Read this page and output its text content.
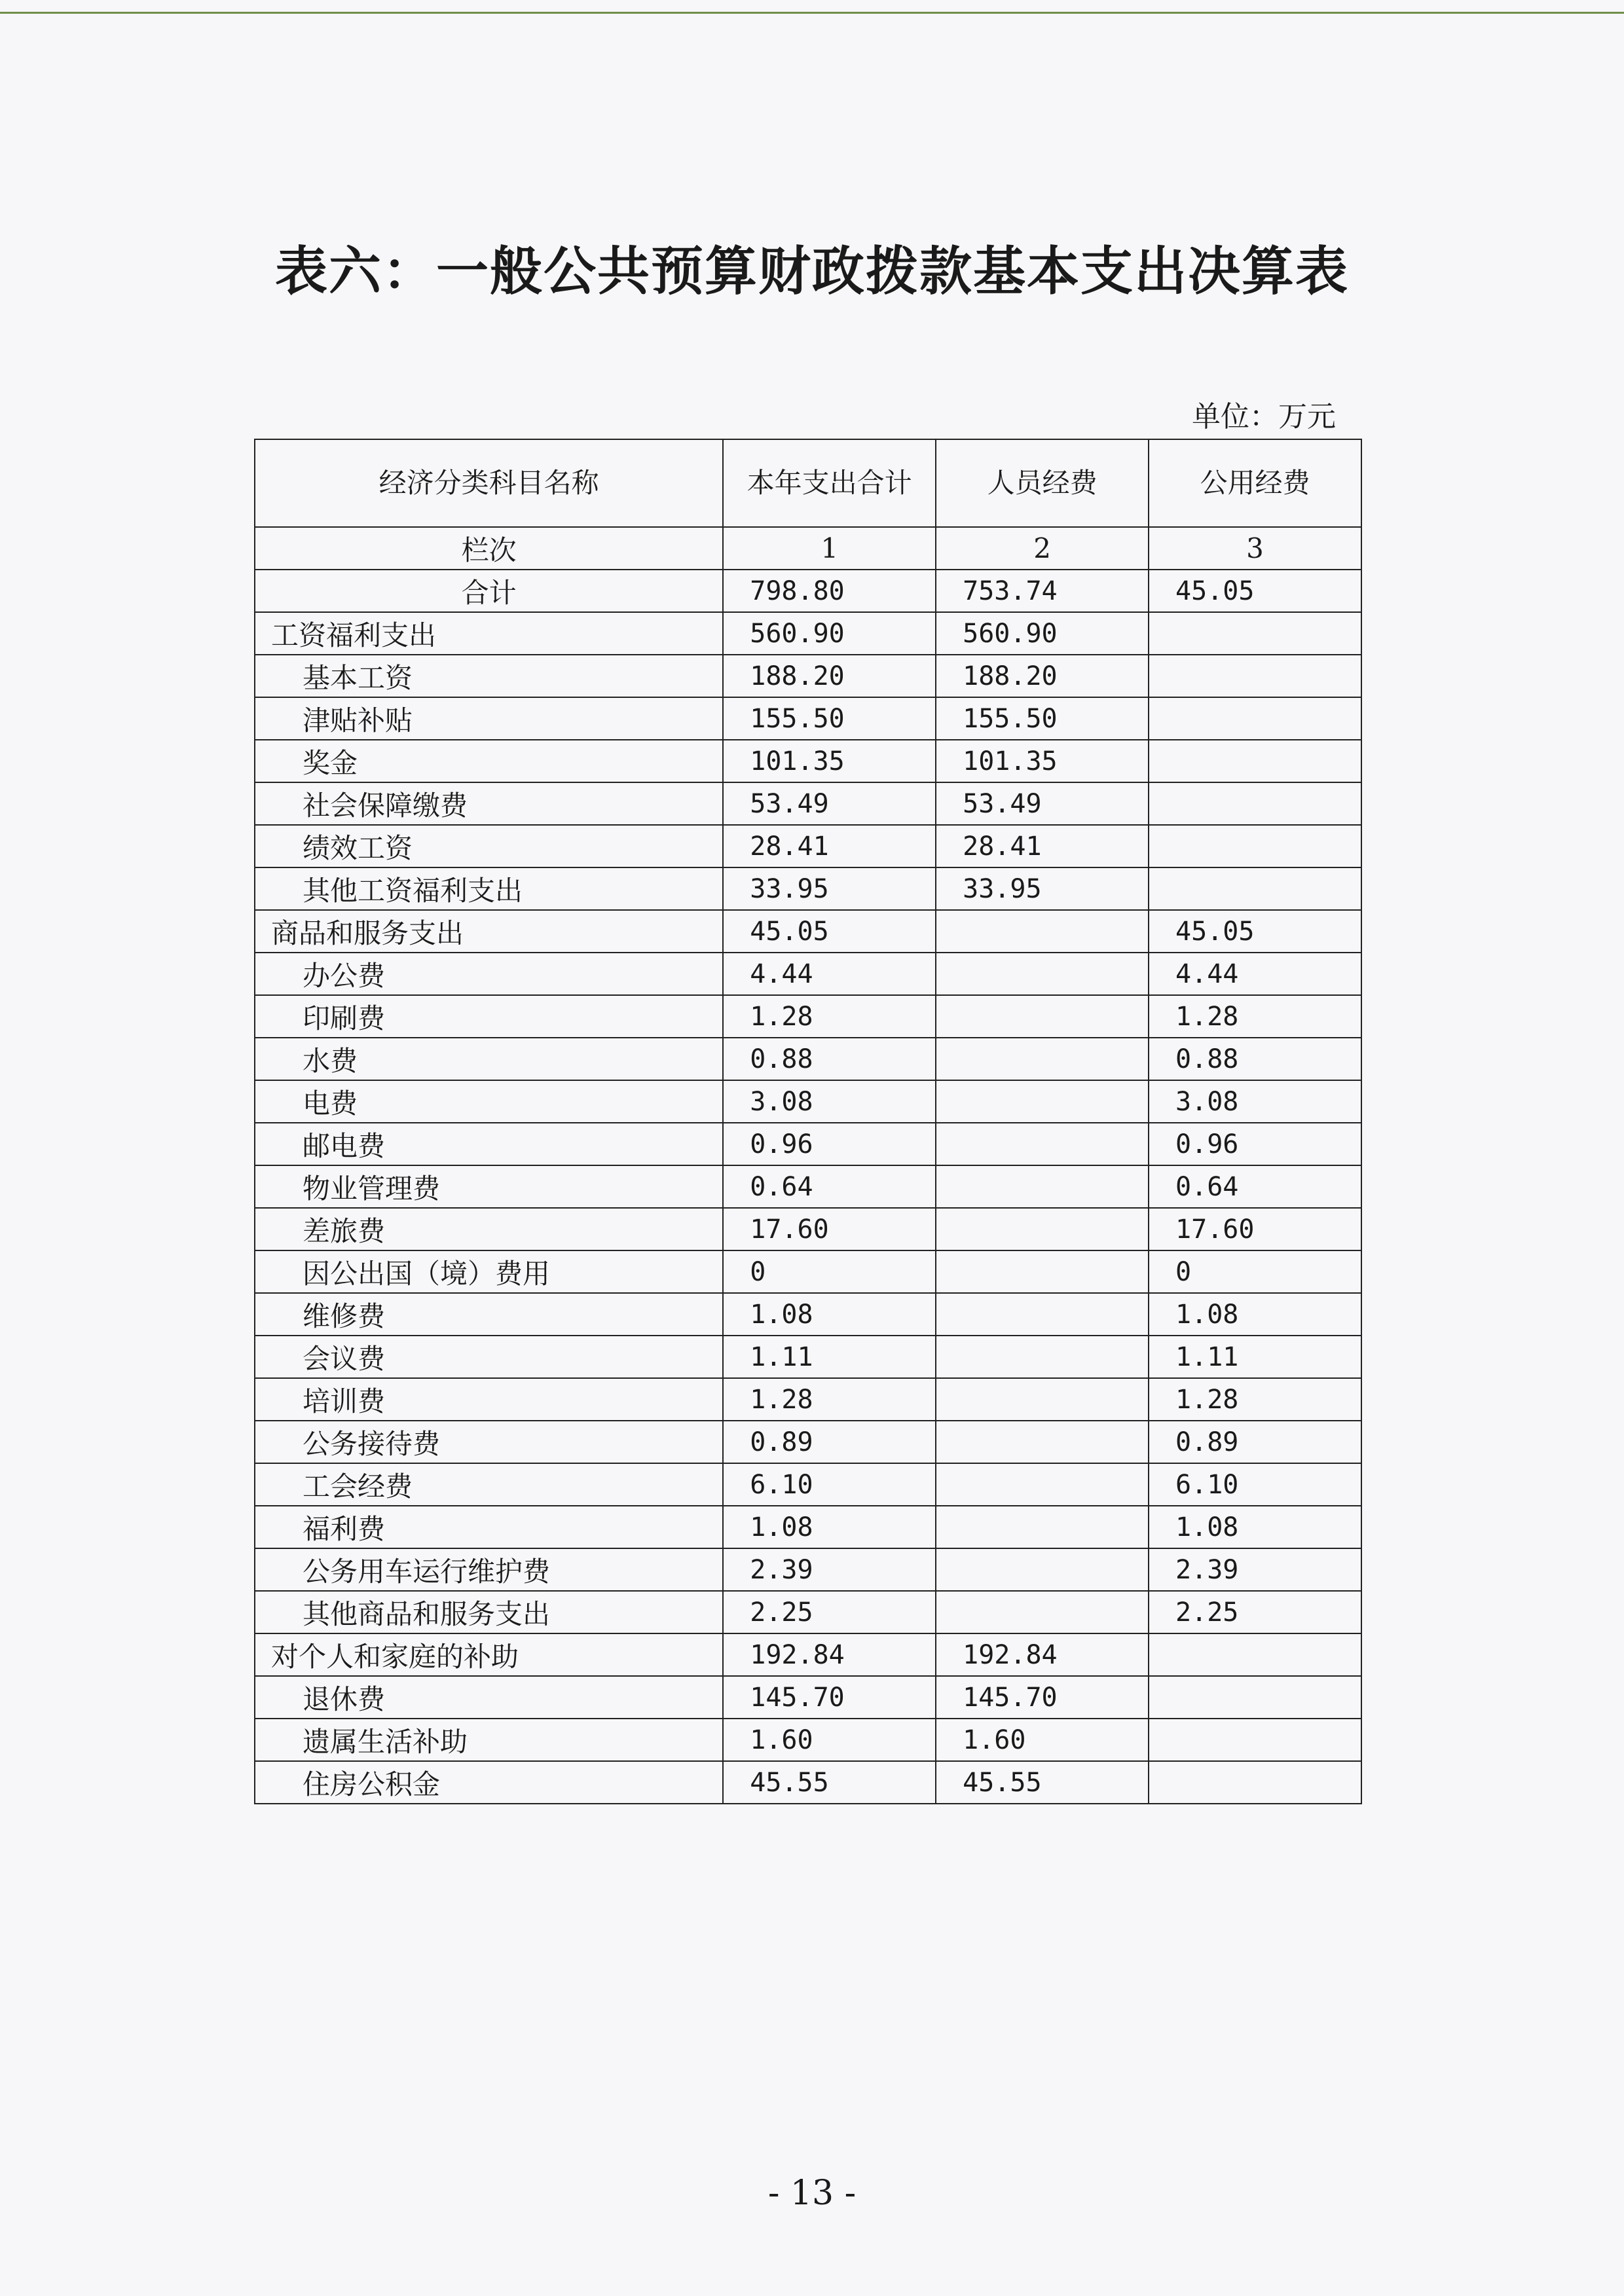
表六：一般公共预算财政拨款基本支出决算表
单位：万元
经济分类科目名称	本年支出合计	人员经费	公用经费
栏次	1	2	3
合计	798.80	753.74	45.05
工资福利支出	560.90	560.90	
基本工资	188.20	188.20	
津贴补贴	155.50	155.50	
奖金	101.35	101.35	
社会保障缴费	53.49	53.49	
绩效工资	28.41	28.41	
其他工资福利支出	33.95	33.95	
商品和服务支出	45.05		45.05
办公费	4.44		4.44
印刷费	1.28		1.28
水费	0.88		0.88
电费	3.08		3.08
邮电费	0.96		0.96
物业管理费	0.64		0.64
差旅费	17.60		17.60
因公出国（境）费用	0		0
维修费	1.08		1.08
会议费	1.11		1.11
培训费	1.28		1.28
公务接待费	0.89		0.89
工会经费	6.10		6.10
福利费	1.08		1.08
公务用车运行维护费	2.39		2.39
其他商品和服务支出	2.25		2.25
对个人和家庭的补助	192.84	192.84	
退休费	145.70	145.70	
遗属生活补助	1.60	1.60	
住房公积金	45.55	45.55	
- 13 -
